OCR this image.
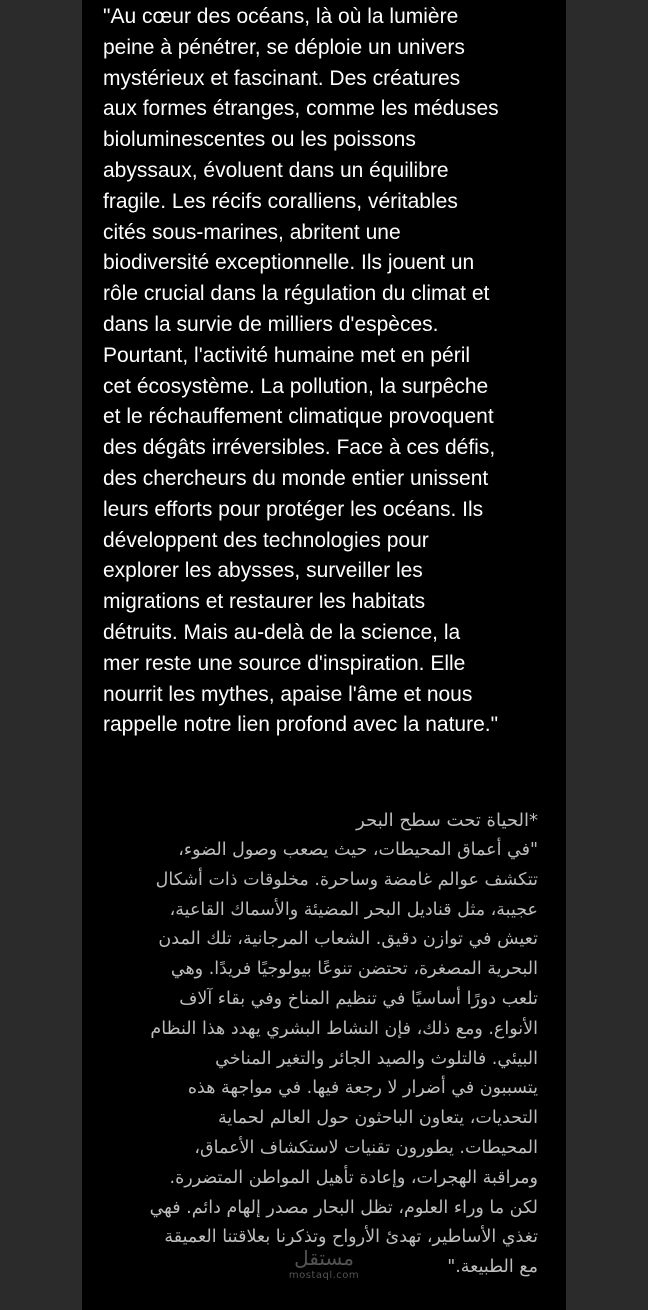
"Au cœur des océans, là où la lumière
peine à pénétrer, se déploie un univers
mystérieux et fascinant. Des créatures
aux formes étranges, comme les méduses
bioluminescentes ou les poissons
abyssaux, évoluent dans un équilibre
fragile. Les récifs coralliens, véritables
cités sous-marines, abritent une
biodiversité exceptionnelle. Ils jouent un
rôle crucial dans la régulation du climat et
dans la survie de milliers d'espèces.
Pourtant, l'activité humaine met en péril
cet écosystème. La pollution, la surpêche
et le réchauffement climatique provoquent
des dégâts irréversibles. Face à ces défis,
des chercheurs du monde entier unissent
leurs efforts pour protéger les océans. Ils
développent des technologies pour
explorer les abysses, surveiller les
migrations et restaurer les habitats
détruits. Mais au-delà de la science, la
mer reste une source d'inspiration. Elle
nourrit les mythes, apaise l'âme et nous
rappelle notre lien profond avec la nature."

*الحياة تحت سطح البحر

"في أعماق المحيطات، حيث يصعب وصول الضوء،
تتكشف عوالم غامضة وساحرة. مخلوقات ذات أشكال
عجيبة، مثل قناديل البحر المضيئة والأسماك القاعية،
تعيش في توازن دقيق. الشعاب المرجانية، تلك المدن
البحرية المصغرة، تحتضن تنوعًا بيولوجيًا فريدًا. وهي
تلعب دورًا أساسيًا في تنظيم المناخ وفي بقاء آلاف
الأنواع. ومع ذلك، فإن النشاط البشري يهدد هذا النظام
البيئي. فالتلوث والصيد الجائر والتغير المناخي
يتسببون في أضرار لا رجعة فيها. في مواجهة هذه
التحديات، يتعاون الباحثون حول العالم لحماية
المحيطات. يطورون تقنيات لاستكشاف الأعماق،
ومراقبة الهجرات، وإعادة تأهيل المواطن المتضررة.
لكن ما وراء العلوم، تظل البحار مصدر إلهام دائم. فهي
تغذي الأساطير، تهدئ الأرواح وتذكرنا بعلاقتنا العميقة
مع الطبيعة."

مستقل
mostaql.com
